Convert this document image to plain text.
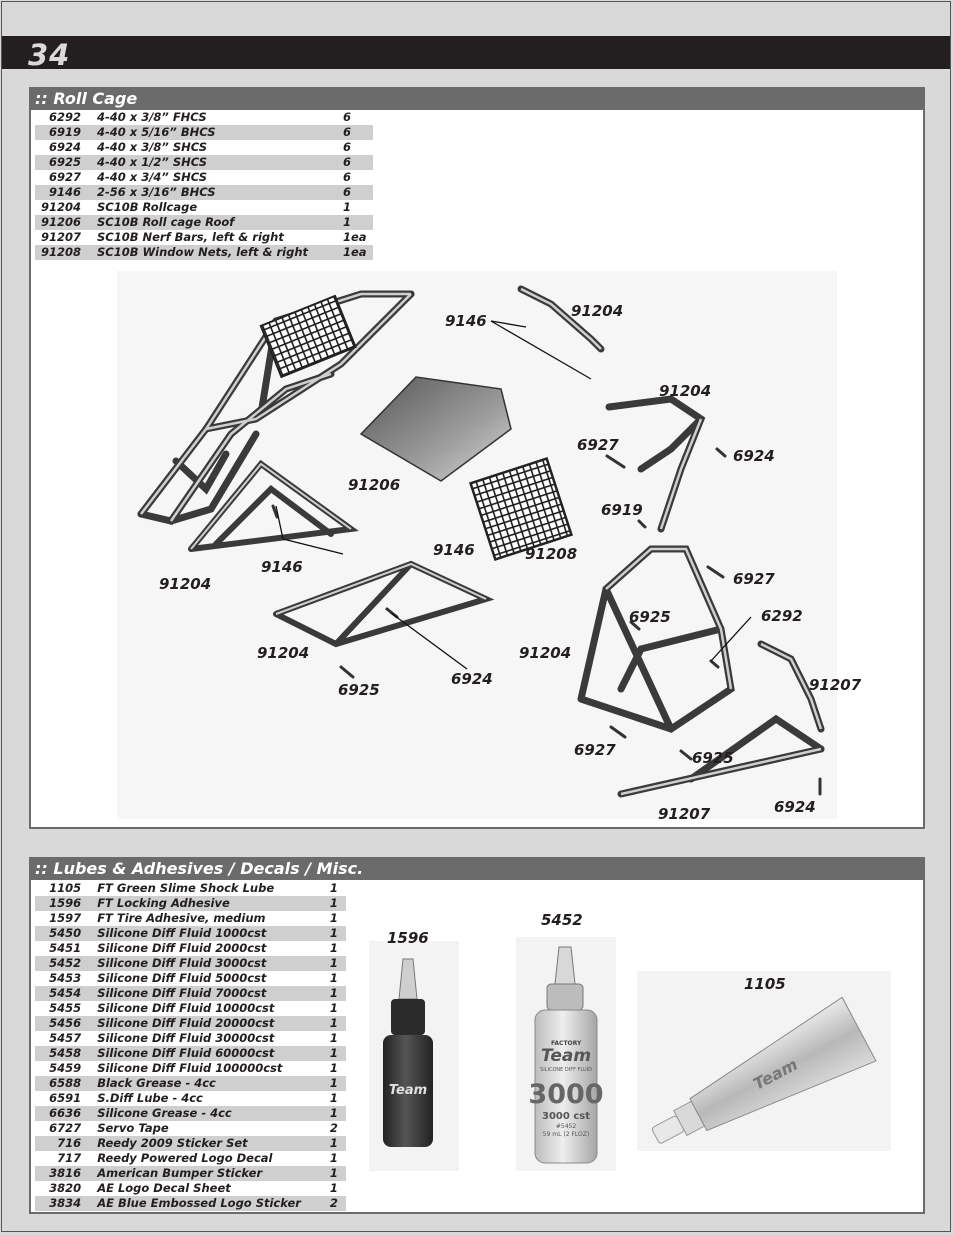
34
:: Roll Cage
6292	4-40 x 3/8” FHCS	6
6919	4-40 x 5/16” BHCS	6
6924	4-40 x 3/8” SHCS	6
6925	4-40 x 1/2” SHCS	6
6927	4-40 x 3/4” SHCS	6
9146	2-56 x 3/16” BHCS	6
91204	SC10B Rollcage	1
91206	SC10B Roll cage Roof	1
91207	SC10B Nerf Bars, left & right	1ea
91208	SC10B Window Nets, left & right	1ea
9146
91204
91204
6927
6924
6919
91206
9146	91208
91204
9146
6927
6925	6292
91204	91204
6924
6925	91207
6927	6925
6924
91207
:: Lubes & Adhesives / Decals / Misc.
1105	FT Green Slime Shock Lube	1
1596	FT Locking Adhesive	1
1597	FT Tire Adhesive, medium	1
5450	Silicone Diff Fluid 1000cst	1
5451	Silicone Diff Fluid 2000cst	1
5452	Silicone Diff Fluid 3000cst	1
5453	Silicone Diff Fluid 5000cst	1
5454	Silicone Diff Fluid 7000cst	1
5455	Silicone Diff Fluid 10000cst	1
5456	Silicone Diff Fluid 20000cst	1
5457	Silicone Diff Fluid 30000cst	1
5458	Silicone Diff Fluid 60000cst	1
5459	Silicone Diff Fluid 100000cst	1
6588	Black Grease - 4cc	1
6591	S.Diff Lube - 4cc	1
6636	Silicone Grease - 4cc	1
6727	Servo Tape	2
716	Reedy 2009 Sticker Set	1
717	Reedy Powered Logo Decal	1
3816	American Bumper Sticker	1
3820	AE Logo Decal Sheet	1
3834	AE Blue Embossed Logo Sticker	2
Team
FACTORY
Team
SILICONE DIFF FLUID
3000
3000 cst
#5452
59 mL (2 FLOZ)
Team
1596
5452
1105
